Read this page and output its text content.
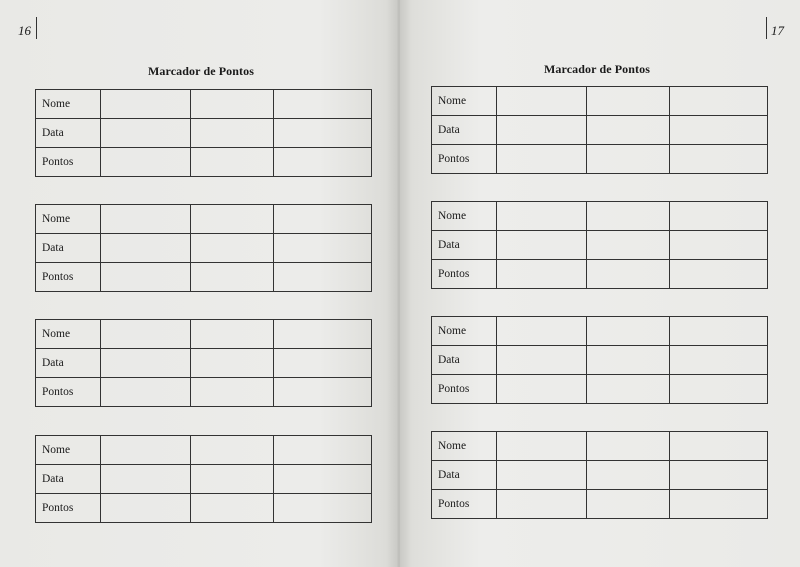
16
Marcador de Pontos
Nome			
Data			
Pontos			
Nome			
Data			
Pontos			
Nome			
Data			
Pontos			
Nome			
Data			
Pontos			
17
Marcador de Pontos
Nome			
Data			
Pontos			
Nome			
Data			
Pontos			
Nome			
Data			
Pontos			
Nome			
Data			
Pontos			
